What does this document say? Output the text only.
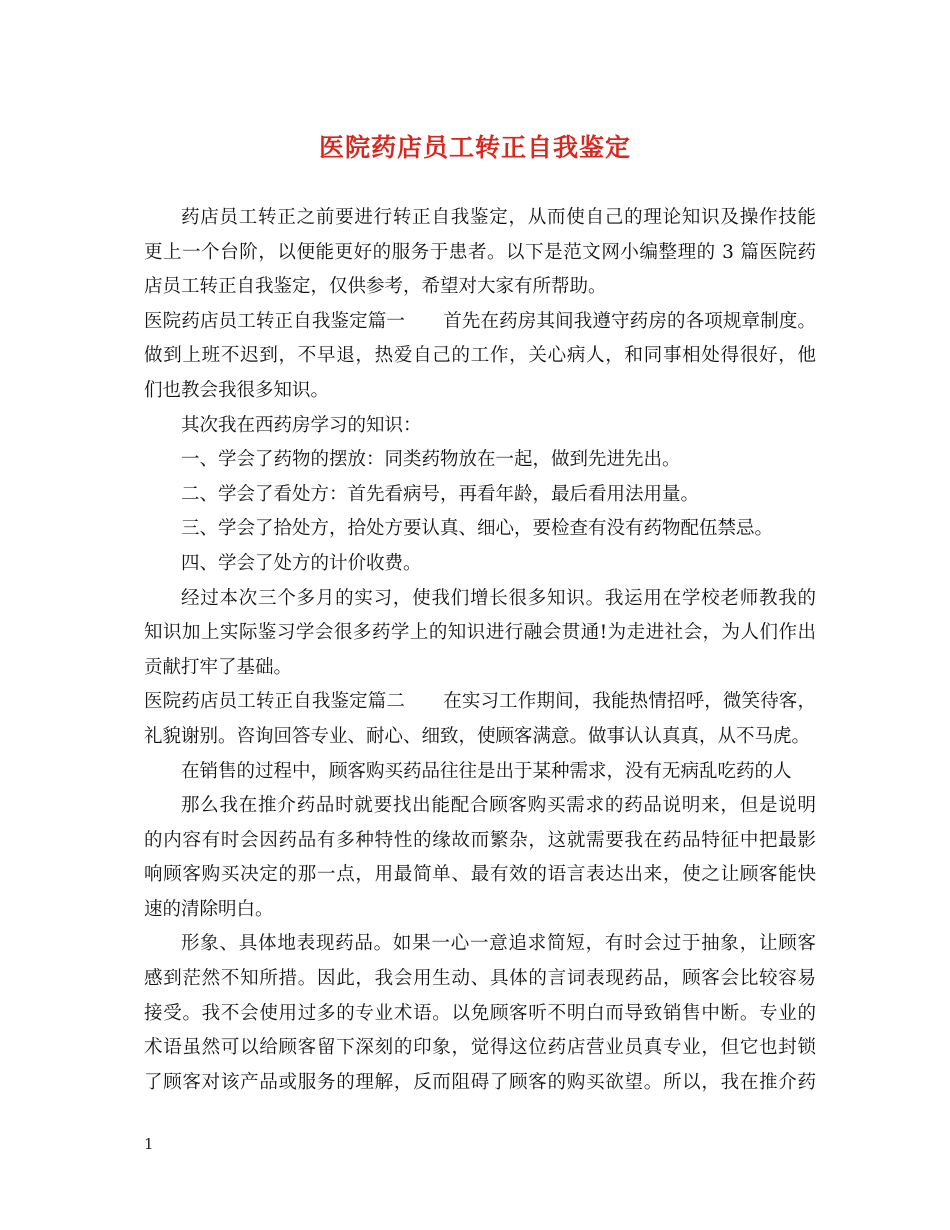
医院药店员工转正自我鉴定
药店员工转正之前要进行转正自我鉴定，从而使自己的理论知识及操作技能
更上一个台阶，以便能更好的服务于患者。以下是范文网小编整理的 3 篇医院药
店员工转正自我鉴定，仅供参考，希望对大家有所帮助。
医院药店员工转正自我鉴定篇一 首先在药房其间我遵守药房的各项规章制度。
做到上班不迟到，不早退，热爱自己的工作，关心病人，和同事相处得很好，他
们也教会我很多知识。
其次我在西药房学习的知识：
一、学会了药物的摆放：同类药物放在一起，做到先进先出。
二、学会了看处方：首先看病号，再看年龄，最后看用法用量。
三、学会了拾处方，拾处方要认真、细心，要检查有没有药物配伍禁忌。
四、学会了处方的计价收费。
经过本次三个多月的实习，使我们增长很多知识。我运用在学校老师教我的
知识加上实际鉴习学会很多药学上的知识进行融会贯通!为走进社会，为人们作出
贡献打牢了基础。
医院药店员工转正自我鉴定篇二 在实习工作期间，我能热情招呼，微笑待客，
礼貌谢别。咨询回答专业、耐心、细致，使顾客满意。做事认认真真，从不马虎。
在销售的过程中，顾客购买药品往往是出于某种需求，没有无病乱吃药的人
那么我在推介药品时就要找出能配合顾客购买需求的药品说明来，但是说明
的内容有时会因药品有多种特性的缘故而繁杂，这就需要我在药品特征中把最影
响顾客购买决定的那一点，用最简单、最有效的语言表达出来，使之让顾客能快
速的清除明白。
形象、具体地表现药品。如果一心一意追求简短，有时会过于抽象，让顾客
感到茫然不知所措。因此，我会用生动、具体的言词表现药品，顾客会比较容易
接受。我不会使用过多的专业术语。以免顾客听不明白而导致销售中断。专业的
术语虽然可以给顾客留下深刻的印象，觉得这位药店营业员真专业，但它也封锁
了顾客对该产品或服务的理解，反而阻碍了顾客的购买欲望。所以，我在推介药
1
